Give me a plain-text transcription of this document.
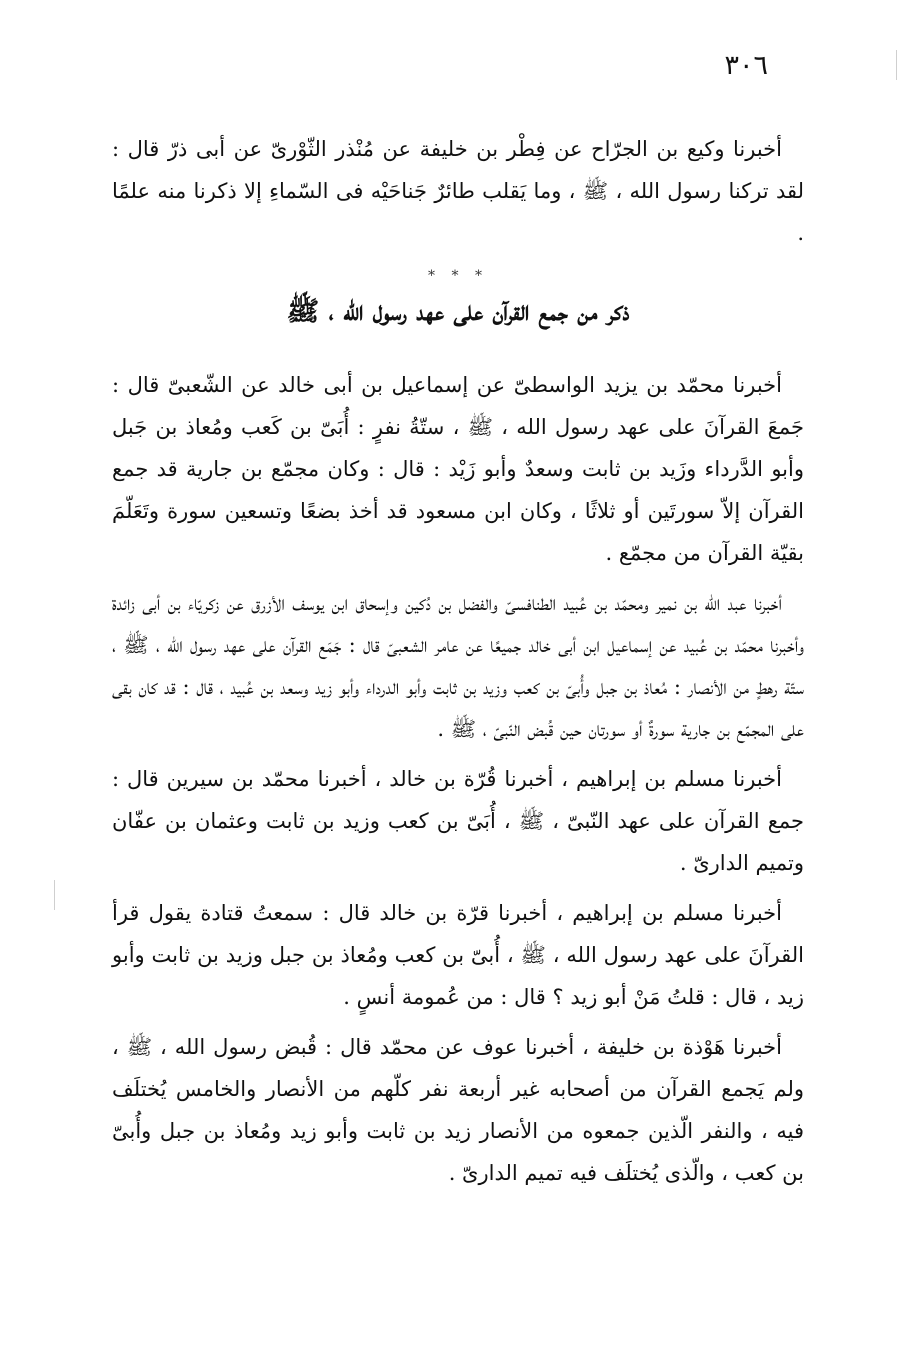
٣٠٦

أخبرنا وكيع بن الجرّاح عن فِطْر بن خليفة عن مُنْذر الثّوْرىّ عن أبى ذرّ قال : لقد تركنا رسول الله ، ﷺ ، وما يَقلب طائرٌ جَناحَيْه فى السّماءِ إلا ذكرنا منه علمًا .

* * *
ذكر من جمع القرآن على عهد رسول الله ، ﷺ

أخبرنا محمّد بن يزيد الواسطىّ عن إسماعيل بن أبى خالد عن الشّعبىّ قال : جَمعَ القرآنَ على عهد رسول الله ، ﷺ ، ستّةُ نفرٍ : أُبَىّ بن كَعب ومُعاذ بن جَبل وأبو الدَّرداء وزَيد بن ثابت وسعدٌ وأبو زَيْد : قال : وكان مجمّع بن جارية قد جمع القرآن إلاّ سورتَين أو ثلاثًا ، وكان ابن مسعود قد أخذ بضعًا وتسعين سورة وتَعَلّمَ بقيّة القرآن من مجمّع .

أخبرنا عبد الله بن نمير ومحمّد بن عُبيد الطنافسىّ والفضل بن دُكين وإسحاق ابن يوسف الأزرق عن زكريّاء بن أبى زائدة وأخبرنا محمّد بن عُبيد عن إسماعيل ابن أبى خالد جميعًا عن عامر الشعبىّ قال : جَمَع القرآن على عهد رسول الله ، ﷺ ، ستّة رهطٍ من الأنصار : مُعاذ بن جبل وأُبىّ بن كعب وزيد بن ثابت وأبو الدرداء وأبو زيد وسعد بن عُبيد ، قال : قد كان بقى على المجمّع بن جارية سورةٌ أو سورتان حين قُبض النّبىّ ، ﷺ .

أخبرنا مسلم بن إبراهيم ، أخبرنا قُرّة بن خالد ، أخبرنا محمّد بن سيرين قال : جمع القرآن على عهد النّبىّ ، ﷺ ، أُبَىّ بن كعب وزيد بن ثابت وعثمان بن عفّان وتميم الدارىّ .

أخبرنا مسلم بن إبراهيم ، أخبرنا قرّة بن خالد قال : سمعتُ قتادة يقول قرأ القرآنَ على عهد رسول الله ، ﷺ ، أُبىّ بن كعب ومُعاذ بن جبل وزيد بن ثابت وأبو زيد ، قال : قلتُ مَنْ أبو زيد ؟ قال : من عُمومة أنسٍ .

أخبرنا هَوْذة بن خليفة ، أخبرنا عوف عن محمّد قال : قُبض رسول الله ، ﷺ ، ولم يَجمع القرآن من أصحابه غير أربعة نفر كلّهم من الأنصار والخامس يُختلَف فيه ، والنفر الّذين جمعوه من الأنصار زيد بن ثابت وأبو زيد ومُعاذ بن جبل وأُبىّ بن كعب ، والّذى يُختلَف فيه تميم الدارىّ .
